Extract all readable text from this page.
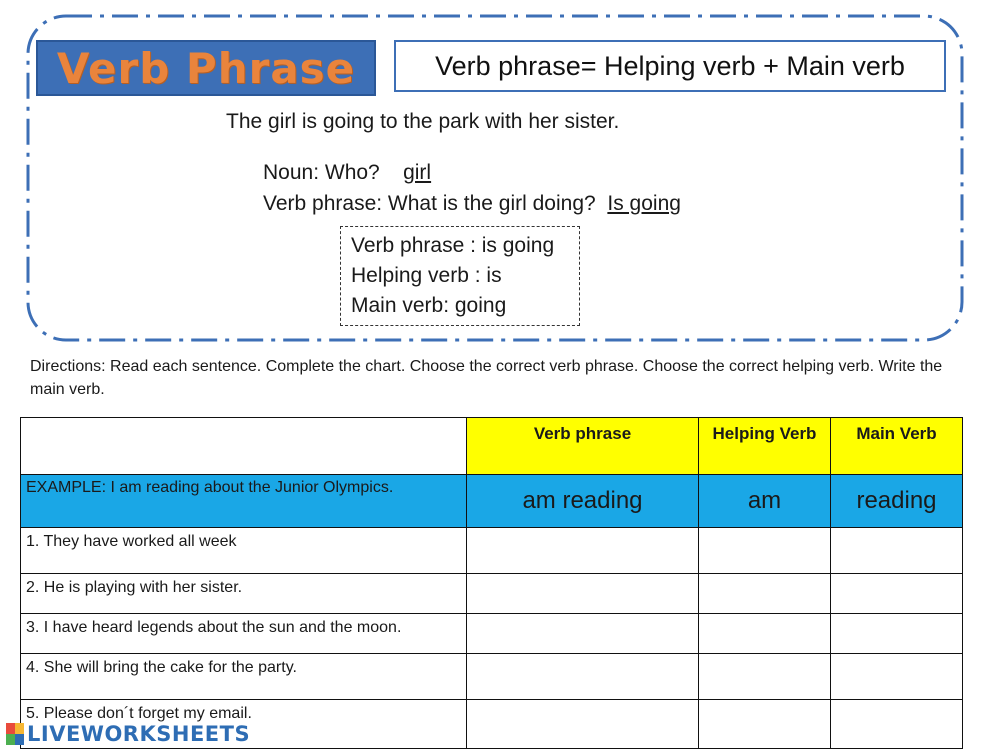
Verb Phrase	Verb phrase= Helping verb + Main verb
The girl is going to the park with her sister.
Noun: Who? girl
Verb phrase: What is the girl doing? Is going
Verb phrase : is going
Helping verb : is
Main verb: going
Directions: Read each sentence. Complete the chart. Choose the correct verb phrase. Choose the correct helping verb. Write the main verb.
	Verb phrase	Helping Verb	Main Verb
EXAMPLE: I am reading about the Junior Olympics.	am reading	am	reading
1. They have worked all week			
2. He is playing with her sister.			
3. I have heard legends about the sun and the moon.			
4. She will bring the cake for the party.			
5. Please don´t forget my email.			
LIVEWORKSHEETS
